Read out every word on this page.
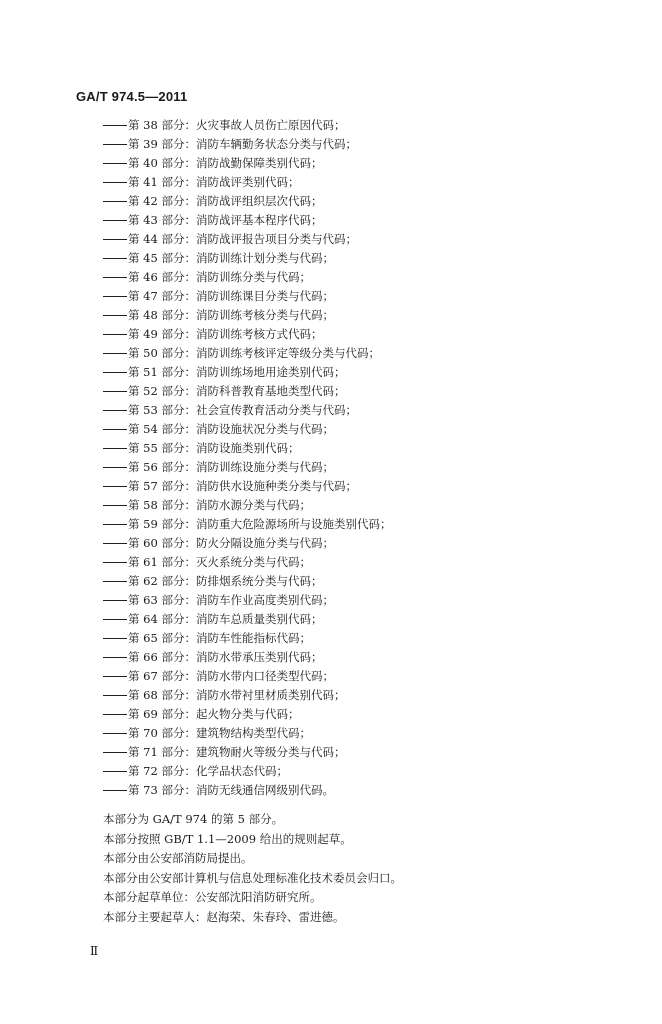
GA/T 974.5—2011
第 38 部分：火灾事故人员伤亡原因代码；
第 39 部分：消防车辆勤务状态分类与代码；
第 40 部分：消防战勤保障类别代码；
第 41 部分：消防战评类别代码；
第 42 部分：消防战评组织层次代码；
第 43 部分：消防战评基本程序代码；
第 44 部分：消防战评报告项目分类与代码；
第 45 部分：消防训练计划分类与代码；
第 46 部分：消防训练分类与代码；
第 47 部分：消防训练课目分类与代码；
第 48 部分：消防训练考核分类与代码；
第 49 部分：消防训练考核方式代码；
第 50 部分：消防训练考核评定等级分类与代码；
第 51 部分：消防训练场地用途类别代码；
第 52 部分：消防科普教育基地类型代码；
第 53 部分：社会宣传教育活动分类与代码；
第 54 部分：消防设施状况分类与代码；
第 55 部分：消防设施类别代码；
第 56 部分：消防训练设施分类与代码；
第 57 部分：消防供水设施种类分类与代码；
第 58 部分：消防水源分类与代码；
第 59 部分：消防重大危险源场所与设施类别代码；
第 60 部分：防火分隔设施分类与代码；
第 61 部分：灭火系统分类与代码；
第 62 部分：防排烟系统分类与代码；
第 63 部分：消防车作业高度类别代码；
第 64 部分：消防车总质量类别代码；
第 65 部分：消防车性能指标代码；
第 66 部分：消防水带承压类别代码；
第 67 部分：消防水带内口径类型代码；
第 68 部分：消防水带衬里材质类别代码；
第 69 部分：起火物分类与代码；
第 70 部分：建筑物结构类型代码；
第 71 部分：建筑物耐火等级分类与代码；
第 72 部分：化学品状态代码；
第 73 部分：消防无线通信网级别代码。

本部分为 GA/T 974 的第 5 部分。

本部分按照 GB/T 1.1—2009 给出的规则起草。

本部分由公安部消防局提出。

本部分由公安部计算机与信息处理标准化技术委员会归口。

本部分起草单位：公安部沈阳消防研究所。

本部分主要起草人：赵海荣、朱春玲、雷进德。

Ⅱ
